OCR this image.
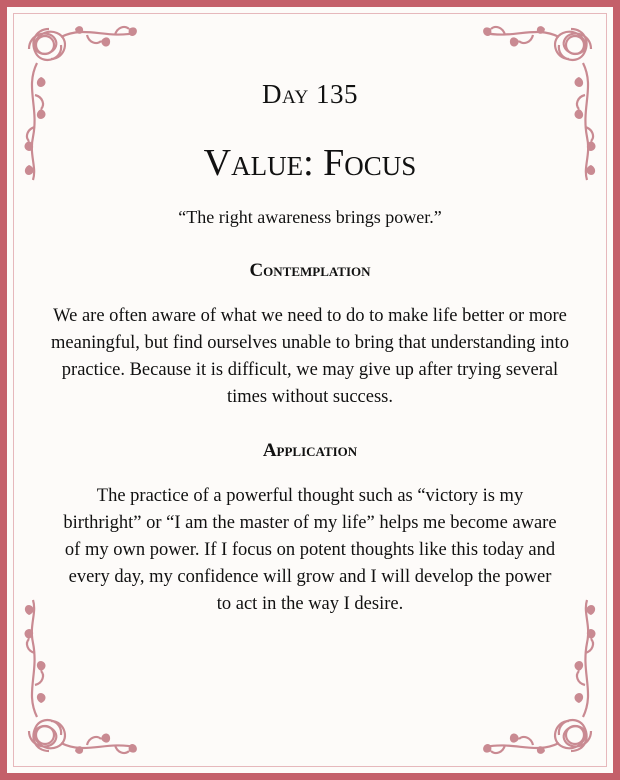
Day 135
Value: Focus
“The right awareness brings power.”
Contemplation
We are often aware of what we need to do to make life better or more meaningful, but find ourselves unable to bring that understanding into practice. Because it is difficult, we may give up after trying several times without success.
Application
The practice of a powerful thought such as “victory is my birthright” or “I am the master of my life” helps me become aware of my own power. If I focus on potent thoughts like this today and every day, my confidence will grow and I will develop the power to act in the way I desire.
